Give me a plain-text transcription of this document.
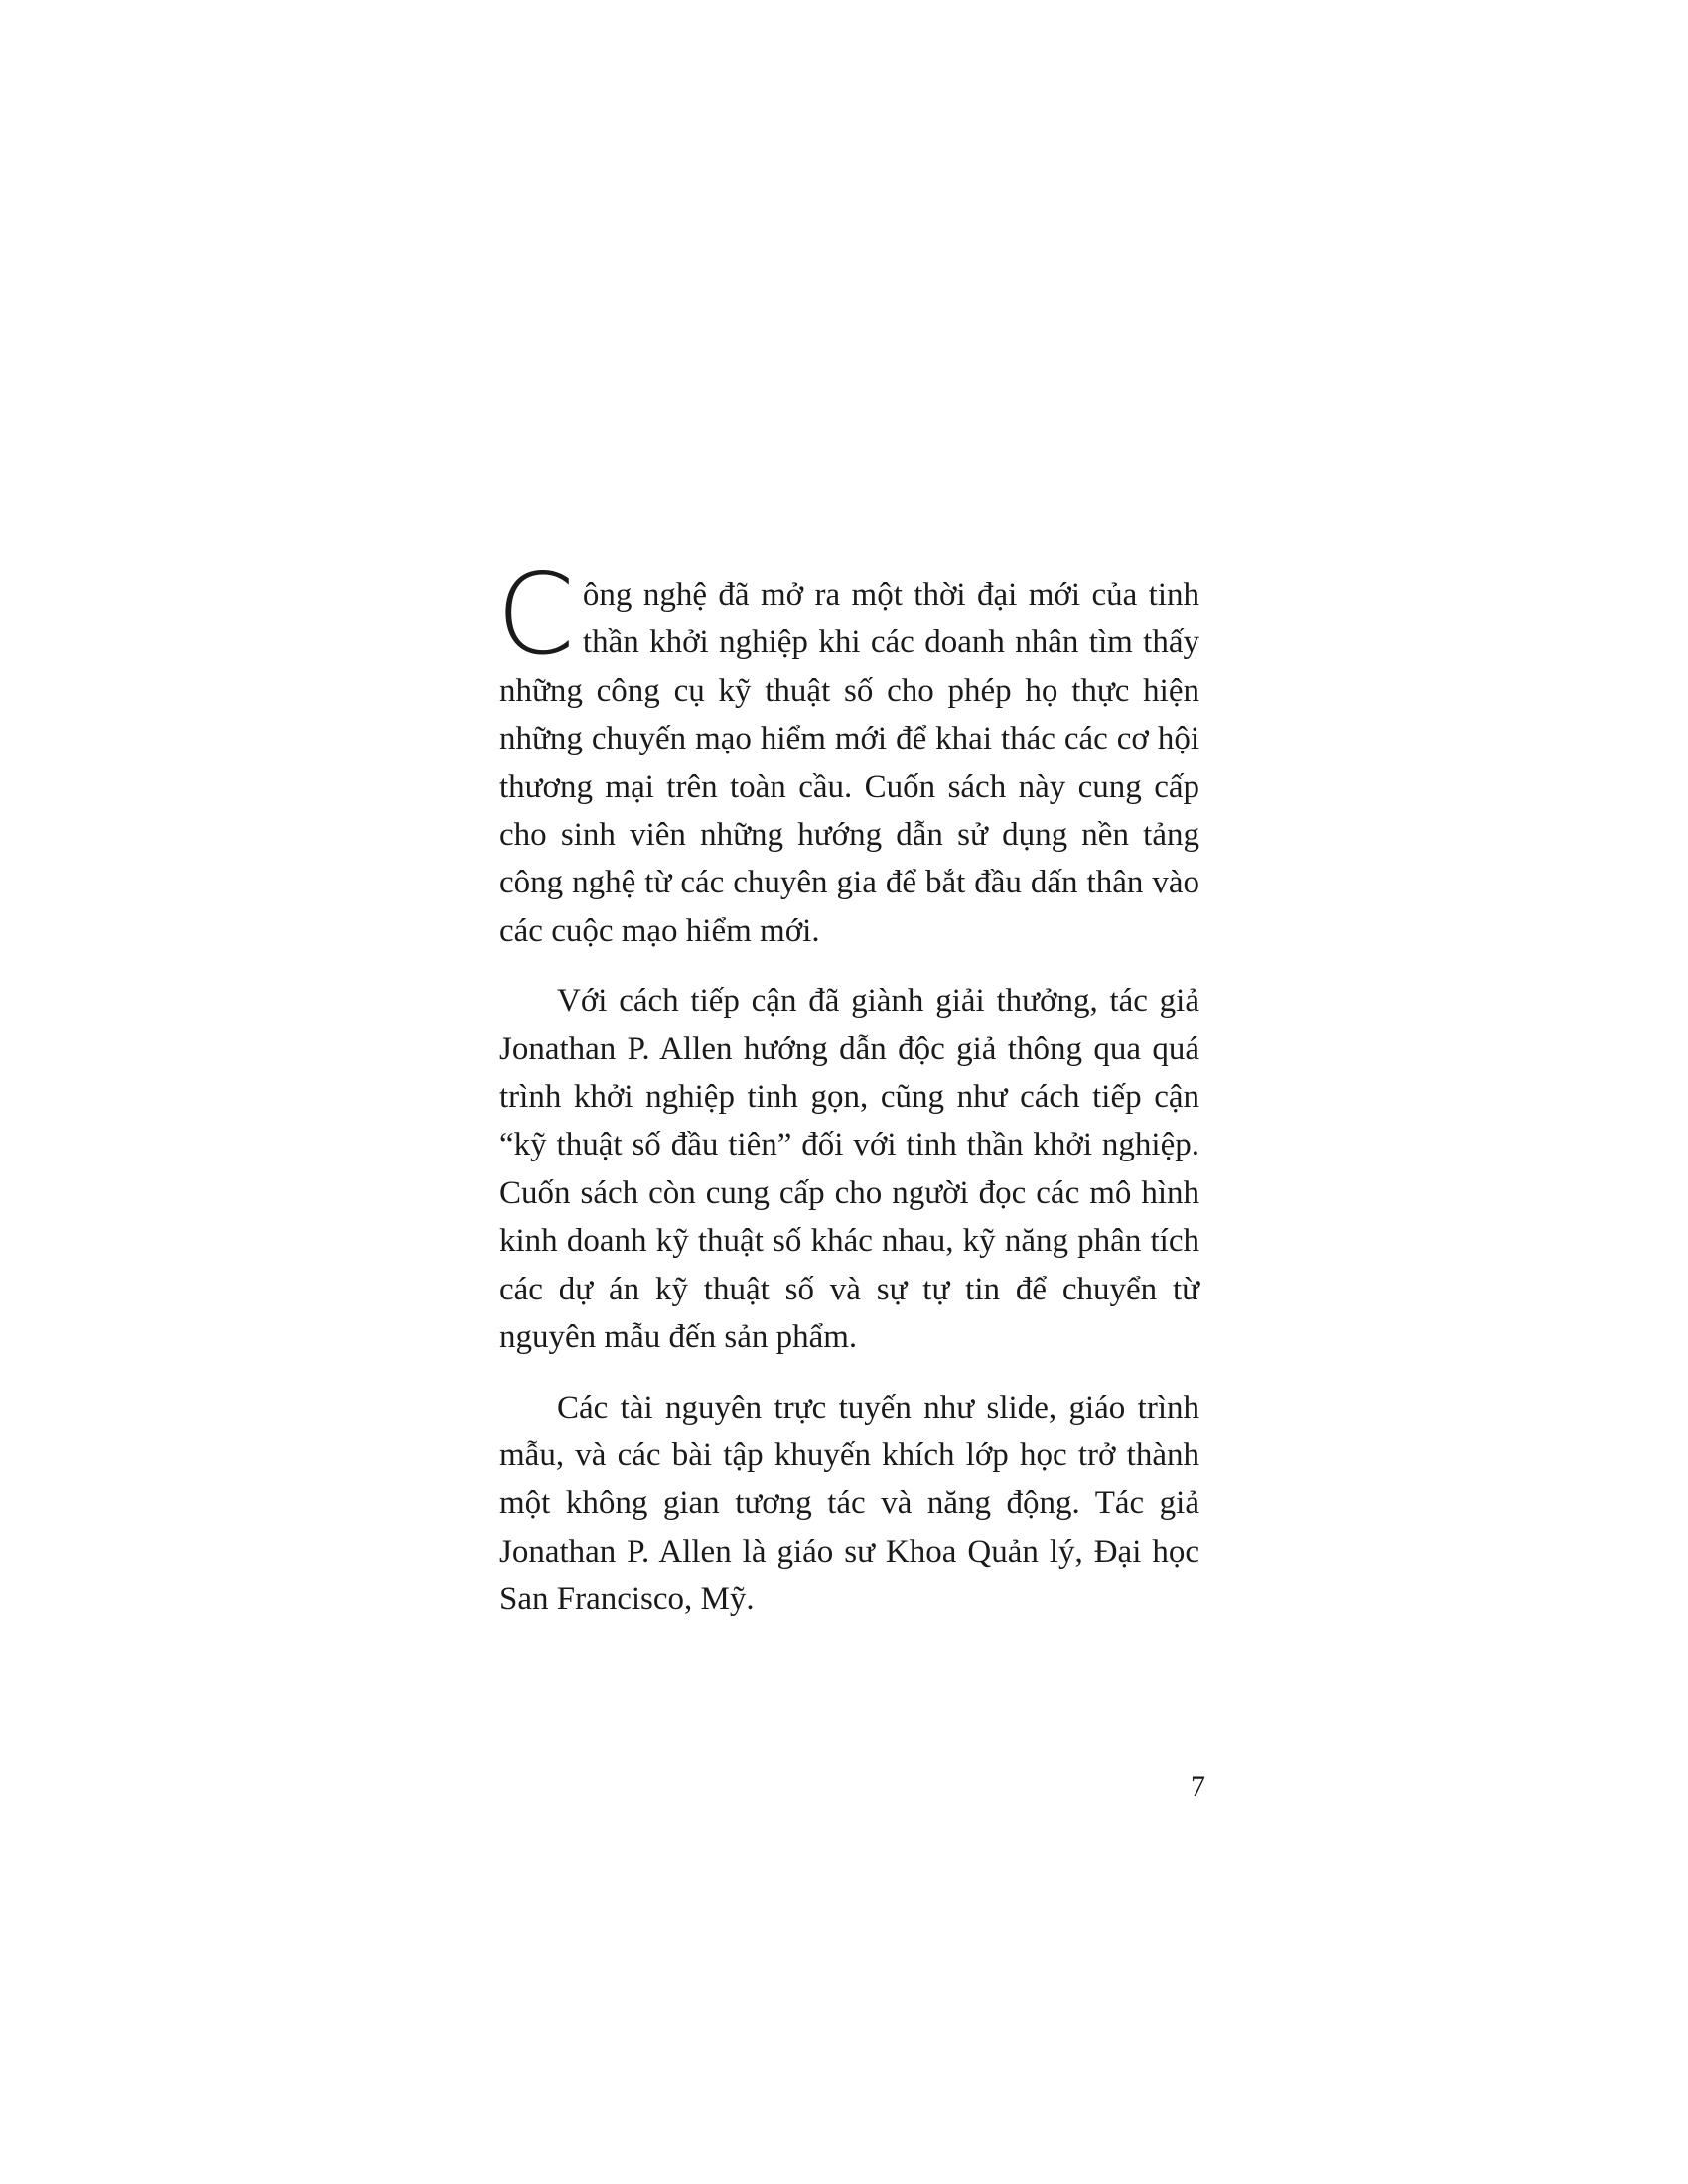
Công nghệ đã mở ra một thời đại mới của tinh thần khởi nghiệp khi các doanh nhân tìm thấy những công cụ kỹ thuật số cho phép họ thực hiện những chuyến mạo hiểm mới để khai thác các cơ hội thương mại trên toàn cầu. Cuốn sách này cung cấp cho sinh viên những hướng dẫn sử dụng nền tảng công nghệ từ các chuyên gia để bắt đầu dấn thân vào các cuộc mạo hiểm mới.

Với cách tiếp cận đã giành giải thưởng, tác giả Jonathan P. Allen hướng dẫn độc giả thông qua quá trình khởi nghiệp tinh gọn, cũng như cách tiếp cận “kỹ thuật số đầu tiên” đối với tinh thần khởi nghiệp. Cuốn sách còn cung cấp cho người đọc các mô hình kinh doanh kỹ thuật số khác nhau, kỹ năng phân tích các dự án kỹ thuật số và sự tự tin để chuyển từ nguyên mẫu đến sản phẩm.

Các tài nguyên trực tuyến như slide, giáo trình mẫu, và các bài tập khuyến khích lớp học trở thành một không gian tương tác và năng động. Tác giả Jonathan P. Allen là giáo sư Khoa Quản lý, Đại học San Francisco, Mỹ.

7
